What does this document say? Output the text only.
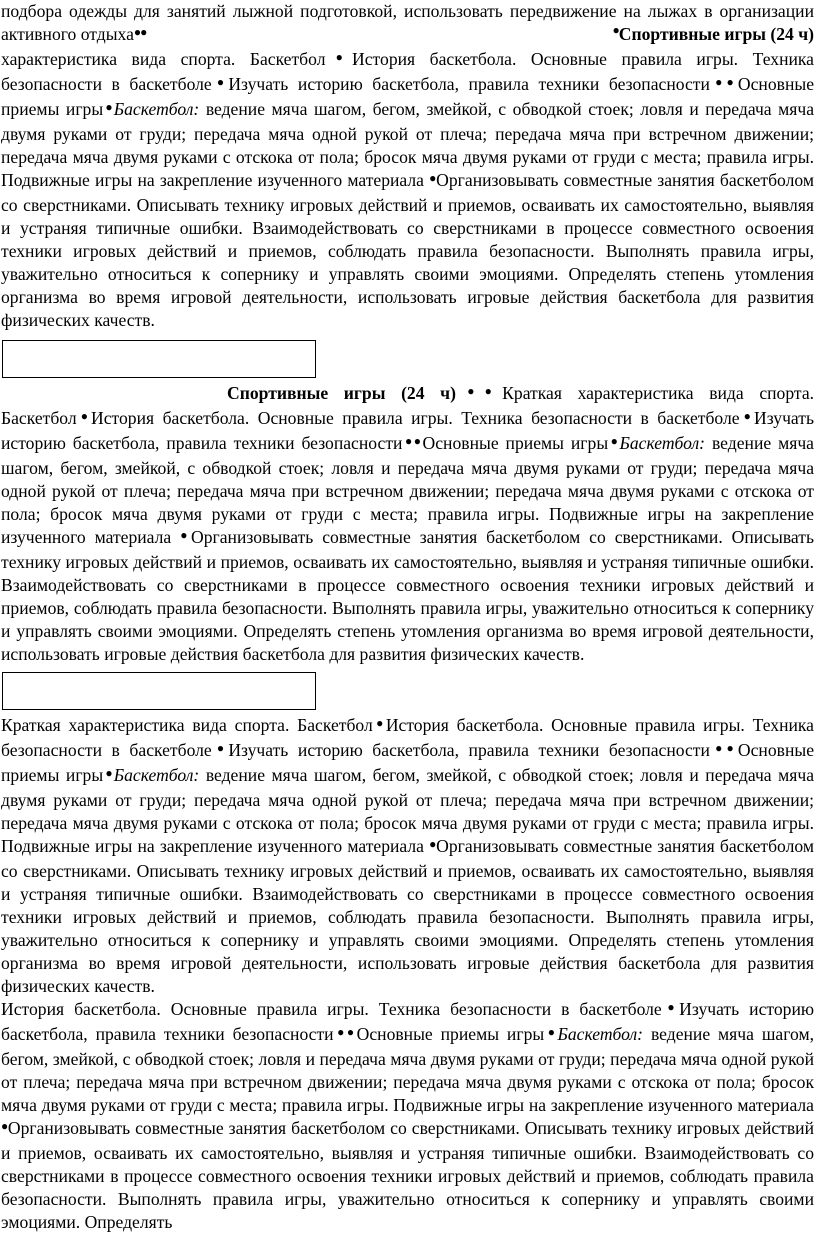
подбора одежды для занятий лыжной подготовкой, использовать передвижение на лыжах в организации активного отдыха●●	Спортивные игры (24 ч)
●

характеристика вида спорта. Баскетбол●История баскетбола. Основные правила игры. Техника безопасности в баскетболе●Изучать историю баскетбола, правила техники безопасности●●Основные приемы игры●Баскетбол: ведение мяча шагом, бегом, змейкой, с обводкой стоек; ловля и передача мяча двумя руками от груди; передача мяча одной рукой от плеча; передача мяча при встречном движении; передача мяча двумя руками с отскока от пола; бросок мяча двумя руками от груди с места; правила игры. Подвижные игры на закрепление изученного материала ●Организовывать совместные занятия баскетболом со сверстниками. Описывать технику игровых действий и приемов, осваивать их самостоятельно, выявляя и устраняя типичные ошибки. Взаимодействовать со сверстниками в процессе совместного освоения техники игровых действий и приемов, соблюдать правила безопасности. Выполнять правила игры, уважительно относиться к сопернику и управлять своими эмоциями. Определять степень утомления организма во время игровой деятельности, использовать игровые действия баскетбола для развития физических качеств.

Спортивные игры (24 ч)●●Краткая характеристика вида спорта. Баскетбол●История баскетбола. Основные правила игры. Техника безопасности в баскетболе●Изучать историю баскетбола, правила техники безопасности●●Основные приемы игры●Баскетбол: ведение мяча шагом, бегом, змейкой, с обводкой стоек; ловля и передача мяча двумя руками от груди; передача мяча одной рукой от плеча; передача мяча при встречном движении; передача мяча двумя руками с отскока от пола; бросок мяча двумя руками от груди с места; правила игры. Подвижные игры на закрепление изученного материала ●Организовывать совместные занятия баскетболом со сверстниками. Описывать технику игровых действий и приемов, осваивать их самостоятельно, выявляя и устраняя типичные ошибки. Взаимодействовать со сверстниками в процессе совместного освоения техники игровых действий и приемов, соблюдать правила безопасности. Выполнять правила игры, уважительно относиться к сопернику и управлять своими эмоциями. Определять степень утомления организма во время игровой деятельности, использовать игровые действия баскетбола для развития физических качеств.

Краткая характеристика вида спорта. Баскетбол●История баскетбола. Основные правила игры. Техника безопасности в баскетболе●Изучать историю баскетбола, правила техники безопасности●●Основные приемы игры●Баскетбол: ведение мяча шагом, бегом, змейкой, с обводкой стоек; ловля и передача мяча двумя руками от груди; передача мяча одной рукой от плеча; передача мяча при встречном движении; передача мяча двумя руками с отскока от пола; бросок мяча двумя руками от груди с места; правила игры. Подвижные игры на закрепление изученного материала ●Организовывать совместные занятия баскетболом со сверстниками. Описывать технику игровых действий и приемов, осваивать их самостоятельно, выявляя и устраняя типичные ошибки. Взаимодействовать со сверстниками в процессе совместного освоения техники игровых действий и приемов, соблюдать правила безопасности. Выполнять правила игры, уважительно относиться к сопернику и управлять своими эмоциями. Определять степень утомления организма во время игровой деятельности, использовать игровые действия баскетбола для развития физических качеств.

История баскетбола. Основные правила игры. Техника безопасности в баскетболе●Изучать историю баскетбола, правила техники безопасности●●Основные приемы игры●Баскетбол: ведение мяча шагом, бегом, змейкой, с обводкой стоек; ловля и передача мяча двумя руками от груди; передача мяча одной рукой от плеча; передача мяча при встречном движении; передача мяча двумя руками с отскока от пола; бросок мяча двумя руками от груди с места; правила игры. Подвижные игры на закрепление изученного материала ●Организовывать совместные занятия баскетболом со сверстниками. Описывать технику игровых действий и приемов, осваивать их самостоятельно, выявляя и устраняя типичные ошибки. Взаимодействовать со сверстниками в процессе совместного освоения техники игровых действий и приемов, соблюдать правила безопасности. Выполнять правила игры, уважительно относиться к сопернику и управлять своими эмоциями. Определять
